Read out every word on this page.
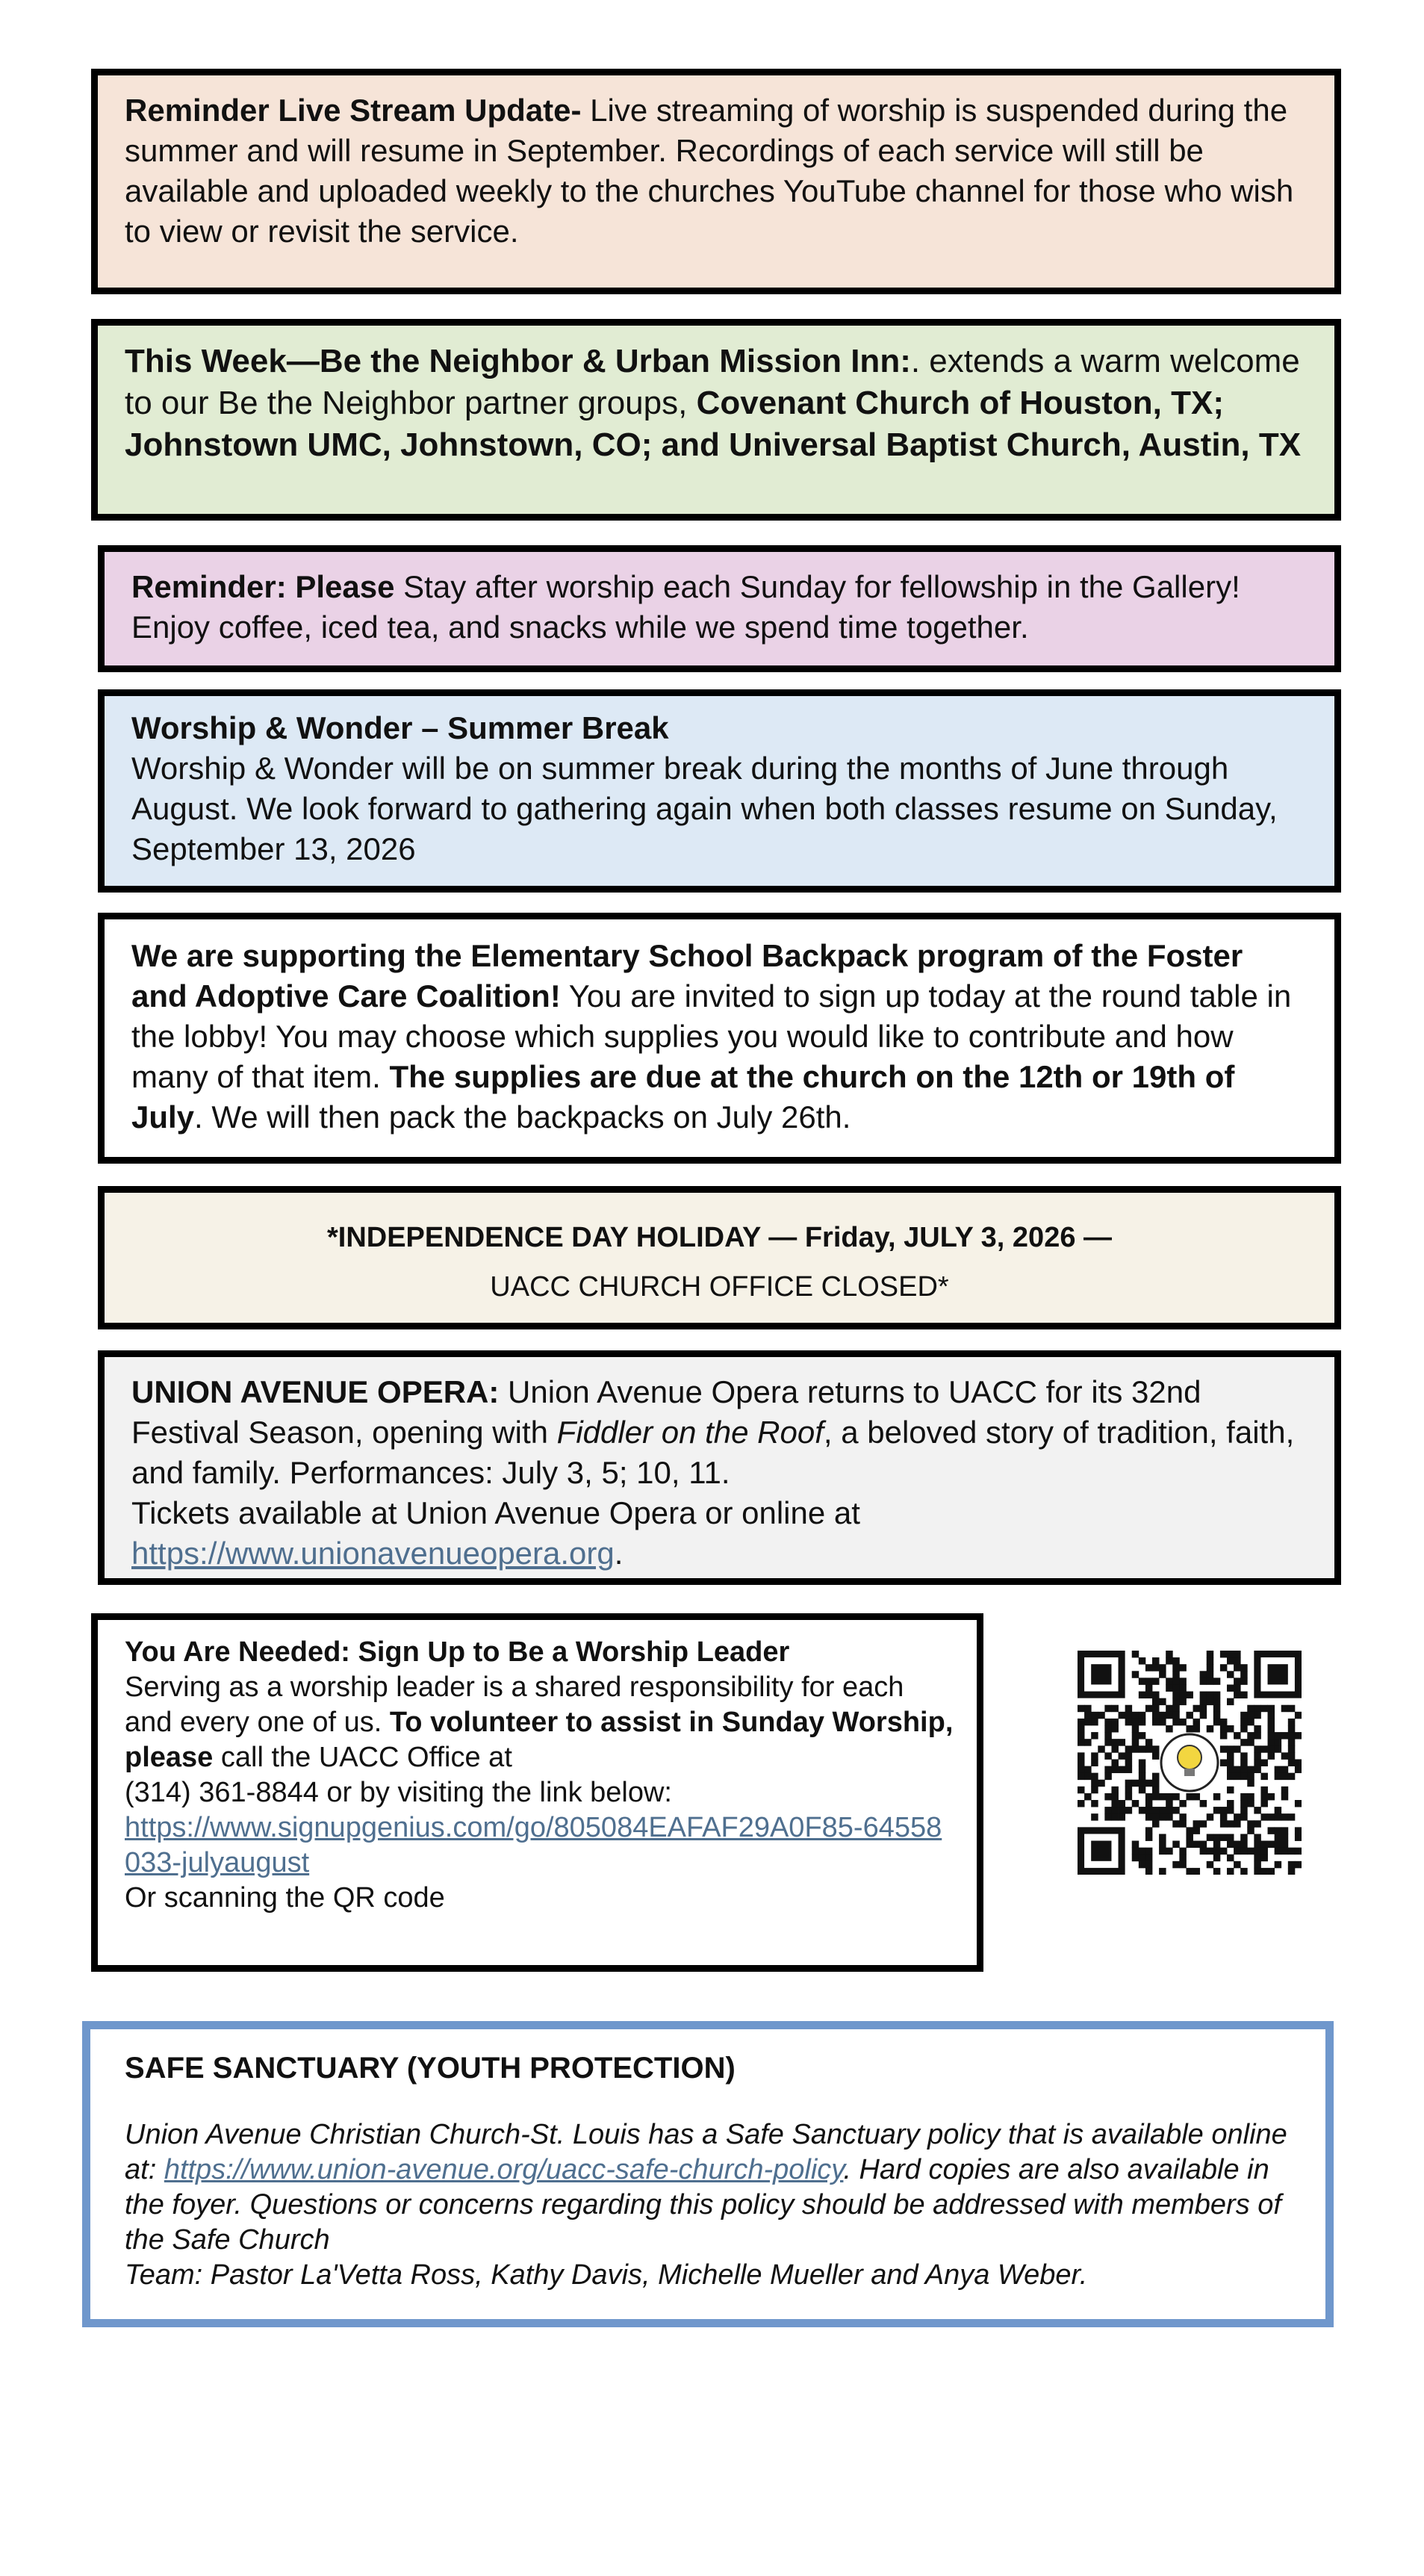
Reminder Live Stream Update- Live streaming of worship is suspended during the summer and will resume in September. Recordings of each service will still be available and uploaded weekly to the churches YouTube channel for those who wish to view or revisit the service.
This Week—Be the Neighbor & Urban Mission Inn:. extends a warm welcome to our Be the Neighbor partner groups, Covenant Church of Houston, TX; Johnstown UMC, Johnstown, CO; and Universal Baptist Church, Austin, TX
Reminder: Please Stay after worship each Sunday for fellowship in the Gallery! Enjoy coffee, iced tea, and snacks while we spend time together.
Worship & Wonder – Summer Break
Worship & Wonder will be on summer break during the months of June through August. We look forward to gathering again when both classes resume on Sunday, September 13, 2026
We are supporting the Elementary School Backpack program of the Foster and Adoptive Care Coalition! You are invited to sign up today at the round table in the lobby! You may choose which supplies you would like to contribute and how many of that item. The supplies are due at the church on the 12th or 19th of July. We will then pack the backpacks on July 26th.
*INDEPENDENCE DAY HOLIDAY — Friday, JULY 3, 2026 —
UACC CHURCH OFFICE CLOSED*
UNION AVENUE OPERA: Union Avenue Opera returns to UACC for its 32nd Festival Season, opening with Fiddler on the Roof, a beloved story of tradition, faith, and family. Performances: July 3, 5; 10, 11.
Tickets available at Union Avenue Opera or online at
https://www.unionavenueopera.org.
You Are Needed: Sign Up to Be a Worship Leader
Serving as a worship leader is a shared responsibility for each and every one of us. To volunteer to assist in Sunday Worship, please call the UACC Office at
(314) 361-8844 or by visiting the link below:
https://www.signupgenius.com/go/805084EAFAF29A0F85-64558033-julyaugust
Or scanning the QR code
SAFE SANCTUARY (YOUTH PROTECTION)
Union Avenue Christian Church-St. Louis has a Safe Sanctuary policy that is available online at: https://www.union-avenue.org/uacc-safe-church-policy. Hard copies are also available in the foyer. Questions or concerns regarding this policy should be addressed with members of the Safe Church
Team: Pastor La'Vetta Ross, Kathy Davis, Michelle Mueller and Anya Weber.
